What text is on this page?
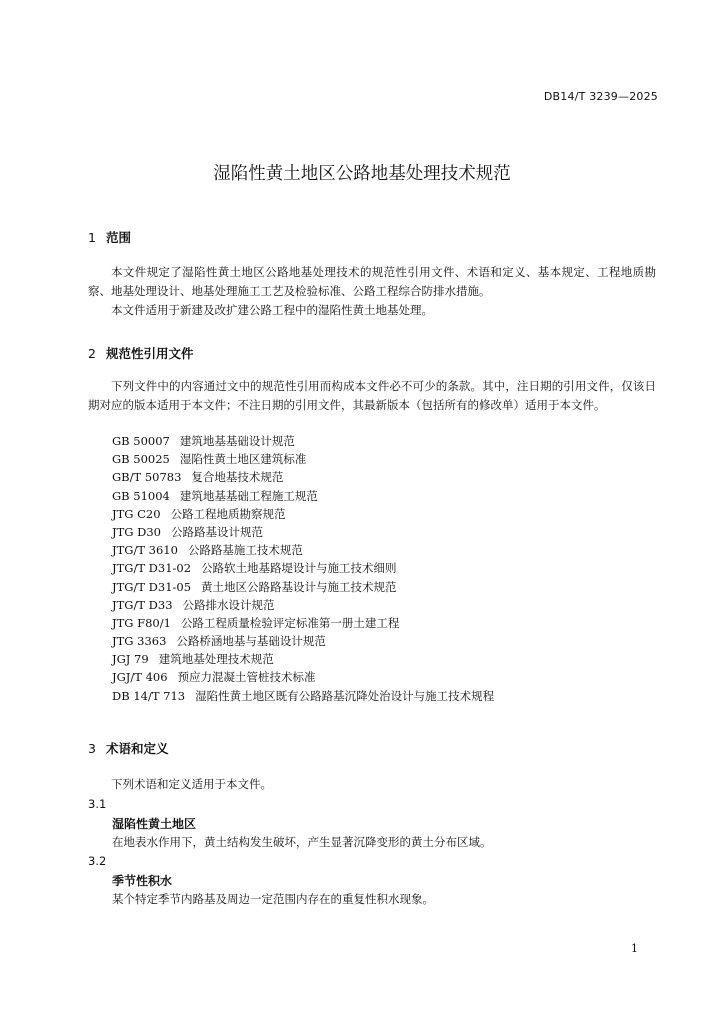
DB14/T 3239—2025
湿陷性黄土地区公路地基处理技术规范
1 范围

本文件规定了湿陷性黄土地区公路地基处理技术的规范性引用文件、术语和定义、基本规定、工程地质勘察、地基处理设计、地基处理施工工艺及检验标准、公路工程综合防排水措施。

本文件适用于新建及改扩建公路工程中的湿陷性黄土地基处理。

2 规范性引用文件

下列文件中的内容通过文中的规范性引用而构成本文件必不可少的条款。其中，注日期的引用文件，仅该日期对应的版本适用于本文件；不注日期的引用文件，其最新版本（包括所有的修改单）适用于本文件。

GB 50007 建筑地基基础设计规范
GB 50025 湿陷性黄土地区建筑标准
GB/T 50783 复合地基技术规范
GB 51004 建筑地基基础工程施工规范
JTG C20 公路工程地质勘察规范
JTG D30 公路路基设计规范
JTG/T 3610 公路路基施工技术规范
JTG/T D31-02 公路软土地基路堤设计与施工技术细则
JTG/T D31-05 黄土地区公路路基设计与施工技术规范
JTG/T D33 公路排水设计规范
JTG F80/1 公路工程质量检验评定标准第一册土建工程
JTG 3363 公路桥涵地基与基础设计规范
JGJ 79 建筑地基处理技术规范
JGJ/T 406 预应力混凝土管桩技术标准
DB 14/T 713 湿陷性黄土地区既有公路路基沉降处治设计与施工技术规程
3 术语和定义

下列术语和定义适用于本文件。

3.1
湿陷性黄土地区
在地表水作用下，黄土结构发生破坏，产生显著沉降变形的黄土分布区域。
3.2
季节性积水
某个特定季节内路基及周边一定范围内存在的重复性积水现象。
1
